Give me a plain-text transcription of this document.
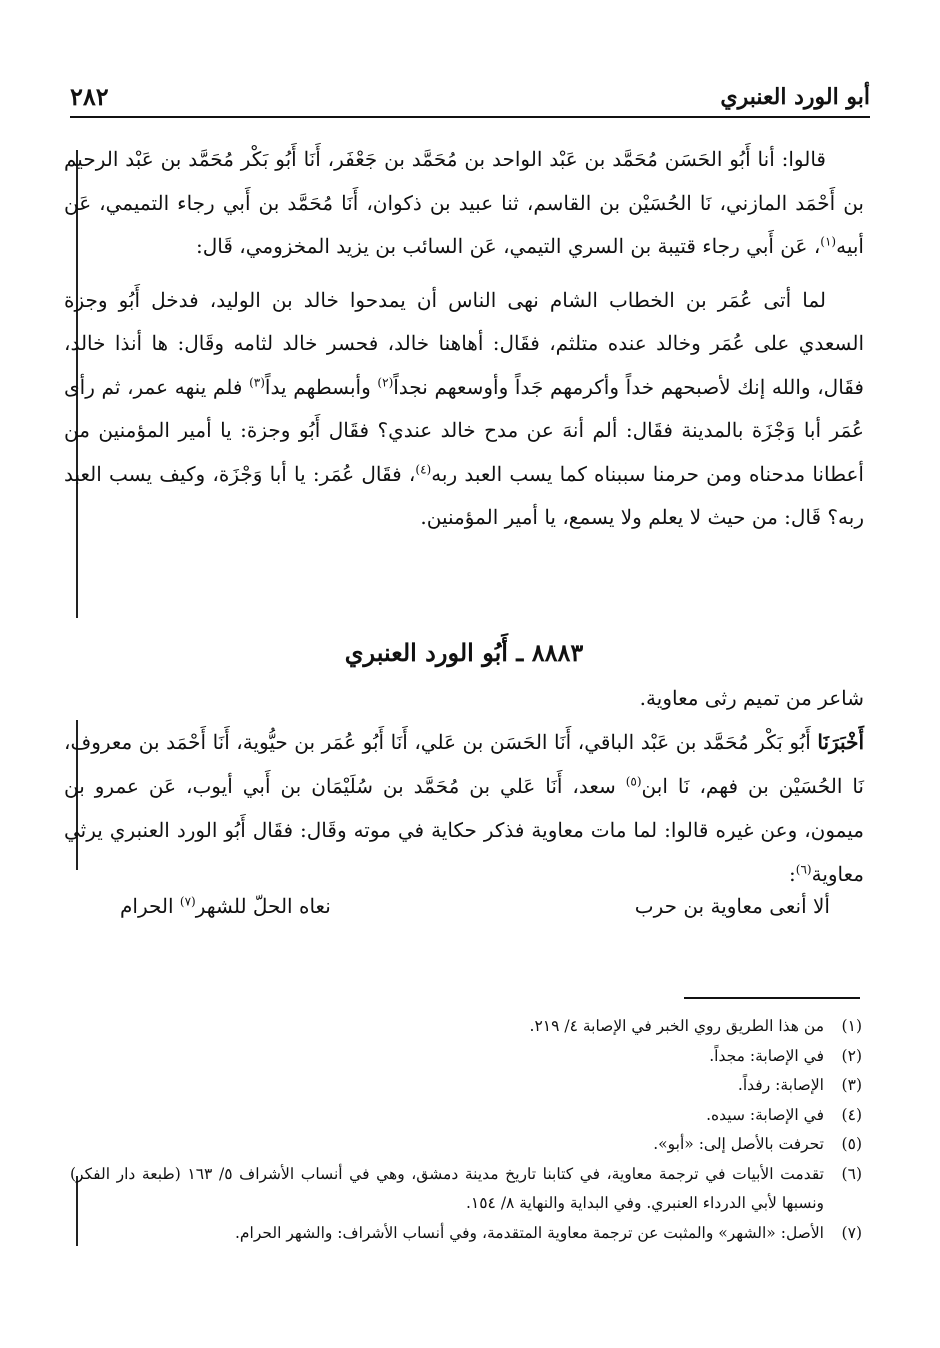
أبو الورد العنبري
٢٨٢

قالوا: أنا أَبُو الحَسَن مُحَمَّد بن عَبْد الواحد بن مُحَمَّد بن جَعْفَر، أَنَا أَبُو بَكْر مُحَمَّد بن عَبْد الرحيم بن أَحْمَد المازني، نَا الحُسَيْن بن القاسم، ثنا عبيد بن ذكوان، أَنَا مُحَمَّد بن أَبي رجاء التميمي، عَن أبيه$^{(١)}$، عَن أَبي رجاء قتيبة بن السري التيمي، عَن السائب بن يزيد المخزومي، قَال:

لما أتى عُمَر بن الخطاب الشام نهى الناس أن يمدحوا خالد بن الوليد، فدخل أَبُو وجزة السعدي على عُمَر وخالد عنده متلثم، فقَال: أهاهنا خالد، فحسر خالد لثامه وقَال: ها أنذا خالد، فقَال، والله إنك لأصبحهم خداً وأكرمهم جَداً وأوسعهم نجداً$^{(٢)}$ وأبسطهم يداً$^{(٣)}$ فلم ينهه عمر، ثم رأى عُمَر أبا وَجْزَة بالمدينة فقَال: ألم أنهَ عن مدح خالد عندي؟ فقَال أَبُو وجزة: يا أمير المؤمنين من أعطانا مدحناه ومن حرمنا سببناه كما يسب العبد ربه$^{(٤)}$، فقَال عُمَر: يا أبا وَجْزَة، وكيف يسب العبد ربه؟ قَال: من حيث لا يعلم ولا يسمع، يا أمير المؤمنين.

٨٨٨٣ ـ أَبُو الورد العنبري

شاعر من تميم رثى معاوية.

أَخْبَرَنَا أَبُو بَكْر مُحَمَّد بن عَبْد الباقي، أَنَا الحَسَن بن عَلي، أَنَا أَبُو عُمَر بن حيُّوية، أَنَا أَحْمَد بن معروف، نَا الحُسَيْن بن فهم، نَا ابن$^{(٥)}$ سعد، أَنَا عَلي بن مُحَمَّد بن سُلَيْمَان بن أَبي أيوب، عَن عمرو بن ميمون، وعن غيره قالوا: لما مات معاوية فذكر حكاية في موته وقَال: فقَال أَبُو الورد العنبري يرثي معاوية$^{(٦)}$:

ألا أنعى معاوية بن حرب
نعاه الحلّ للشهر$^{(٧)}$ الحرام
(١)
من هذا الطريق روي الخبر في الإصابة ٤/ ٢١٩.
(٢)
في الإصابة: مجداً.
(٣)
الإصابة: رفداً.
(٤)
في الإصابة: سيده.
(٥)
تحرفت بالأصل إلى: «أبو».
(٦)
تقدمت الأبيات في ترجمة معاوية، في كتابنا تاريخ مدينة دمشق، وهي في أنساب الأشراف ٥/ ١٦٣ (طبعة دار الفكر) ونسبها لأبي الدرداء العنبري. وفي البداية والنهاية ٨/ ١٥٤.
(٧)
الأصل: «الشهر» والمثبت عن ترجمة معاوية المتقدمة، وفي أنساب الأشراف: والشهر الحرام.
